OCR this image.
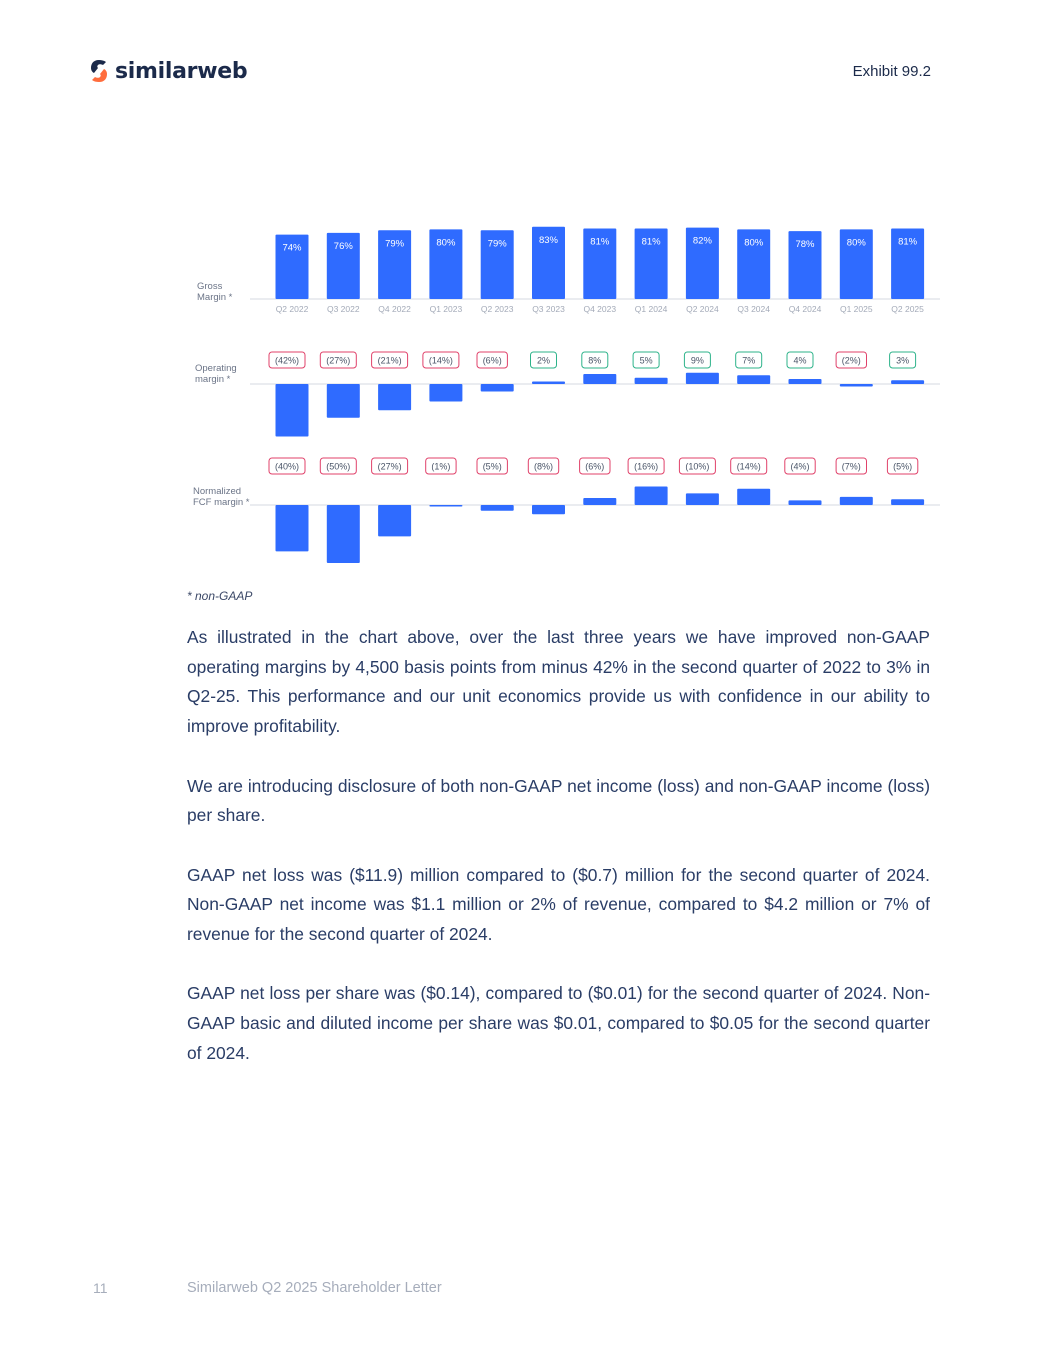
similarweb	Exhibit 99.2
Gross
Margin *
74%
Q2 2022
76%
Q3 2022
79%
Q4 2022
80%
Q1 2023
79%
Q2 2023
83%
Q3 2023
81%
Q4 2023
81%
Q1 2024
82%
Q2 2024
80%
Q3 2024
78%
Q4 2024
80%
Q1 2025
81%
Q2 2025
Operating
margin *
(42%)	(27%)	(21%)	(14%)	(6%)	2%	8%	5%	9%	7%	4%	(2%)	3%
Normalized
FCF margin *
(40%)	(50%)	(27%)	(1%)	(5%)	(8%)	(6%)	(16%)	(10%)	(14%)	(4%)	(7%)	(5%)
* non-GAAP

As illustrated in the chart above, over the last three years we have improved non-GAAP operating margins by 4,500 basis points from minus 42% in the second quarter of 2022 to 3% in Q2-25. This performance and our unit economics provide us with confidence in our ability to improve profitability.

We are introducing disclosure of both non-GAAP net income (loss) and non-GAAP income (loss) per share.

GAAP net loss was ($11.9) million compared to ($0.7) million for the second quarter of 2024. Non-GAAP net income was $1.1 million or 2% of revenue, compared to $4.2 million or 7% of revenue for the second quarter of 2024.

GAAP net loss per share was ($0.14), compared to ($0.01) for the second quarter of 2024. Non-GAAP basic and diluted income per share was $0.01, compared to $0.05 for the second quarter of 2024.

11	Similarweb Q2 2025 Shareholder Letter
